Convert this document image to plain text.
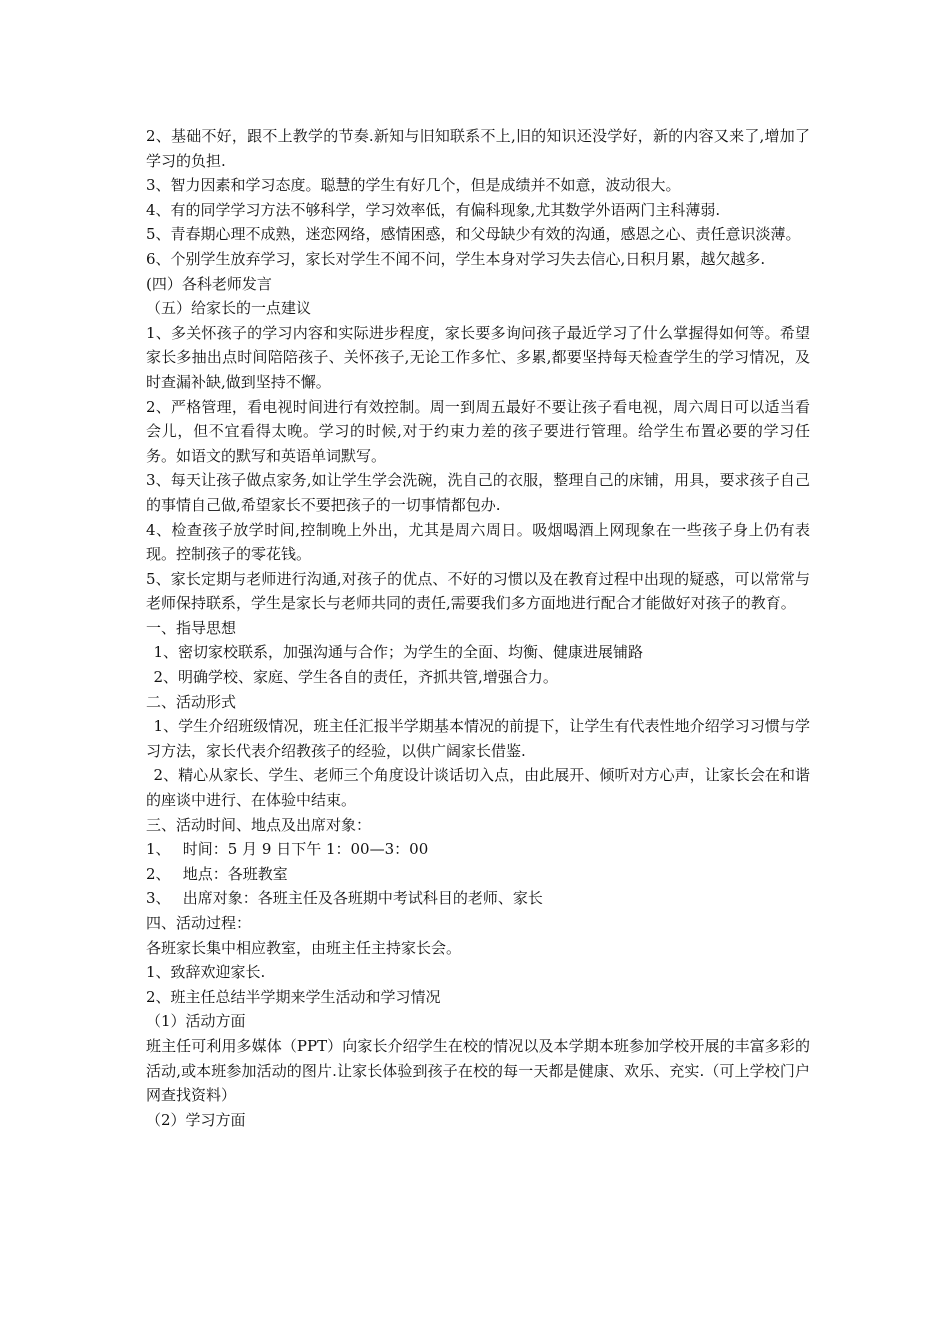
2、基础不好，跟不上教学的节奏.新知与旧知联系不上,旧的知识还没学好，新的内容又来了,增加了学习的负担.

3、智力因素和学习态度。聪慧的学生有好几个，但是成绩并不如意，波动很大。

4、有的同学学习方法不够科学，学习效率低，有偏科现象,尤其数学外语两门主科薄弱.

5、青春期心理不成熟，迷恋网络，感情困惑，和父母缺少有效的沟通，感恩之心、责任意识淡薄。

6、个别学生放弃学习，家长对学生不闻不问，学生本身对学习失去信心,日积月累，越欠越多.

(四）各科老师发言

（五）给家长的一点建议

1、多关怀孩子的学习内容和实际进步程度，家长要多询问孩子最近学习了什么掌握得如何等。希望家长多抽出点时间陪陪孩子、关怀孩子,无论工作多忙、多累,都要坚持每天检查学生的学习情况，及时查漏补缺,做到坚持不懈。

2、严格管理，看电视时间进行有效控制。周一到周五最好不要让孩子看电视，周六周日可以适当看会儿，但不宜看得太晚。学习的时候,对于约束力差的孩子要进行管理。给学生布置必要的学习任务。如语文的默写和英语单词默写。

3、每天让孩子做点家务,如让学生学会洗碗，洗自己的衣服，整理自己的床铺，用具，要求孩子自己的事情自己做,希望家长不要把孩子的一切事情都包办.

4、检查孩子放学时间,控制晚上外出，尤其是周六周日。吸烟喝酒上网现象在一些孩子身上仍有表现。控制孩子的零花钱。

5、家长定期与老师进行沟通,对孩子的优点、不好的习惯以及在教育过程中出现的疑惑，可以常常与老师保持联系，学生是家长与老师共同的责任,需要我们多方面地进行配合才能做好对孩子的教育。

一、指导思想

1、密切家校联系，加强沟通与合作；为学生的全面、均衡、健康进展铺路

2、明确学校、家庭、学生各自的责任，齐抓共管,增强合力。

二、活动形式

1、学生介绍班级情况，班主任汇报半学期基本情况的前提下，让学生有代表性地介绍学习习惯与学习方法，家长代表介绍教孩子的经验，以供广阔家长借鉴.

2、精心从家长、学生、老师三个角度设计谈话切入点，由此展开、倾听对方心声，让家长会在和谐的座谈中进行、在体验中结束。

三、活动时间、地点及出席对象：

1、　 时间：5 月 9 日下午 1：00—3：00

2、　 地点：各班教室

3、　 出席对象：各班主任及各班期中考试科目的老师、家长

四、活动过程：

各班家长集中相应教室，由班主任主持家长会。

1、致辞欢迎家长.

2、班主任总结半学期来学生活动和学习情况

（1）活动方面

班主任可利用多媒体（PPT）向家长介绍学生在校的情况以及本学期本班参加学校开展的丰富多彩的活动,或本班参加活动的图片.让家长体验到孩子在校的每一天都是健康、欢乐、充实.（可上学校门户网查找资料）

（2）学习方面
